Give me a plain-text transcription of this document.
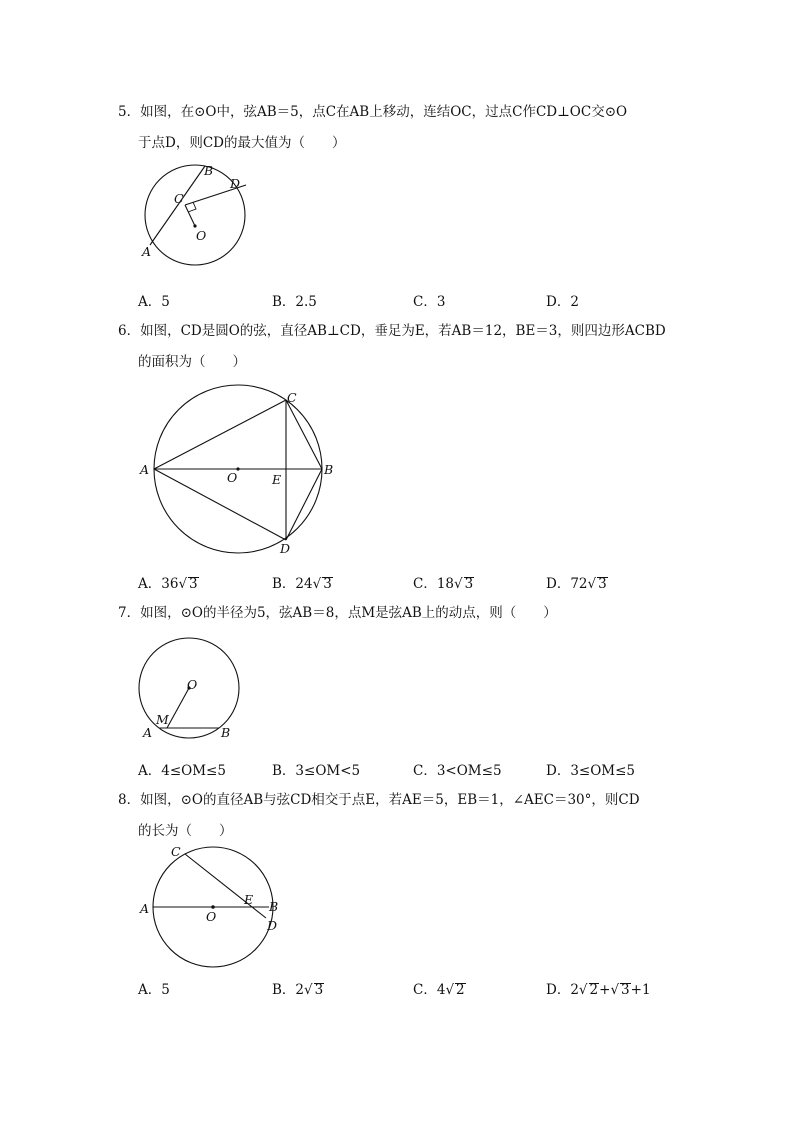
5．如图，在⊙O中，弦AB＝5，点C在AB上移动，连结OC，过点C作CD⊥OC交⊙O

于点D，则CD的最大值为（　　）

A
B
C
D
O
A．5	B．2.5	C．3	D．2

6．如图，CD是圆O的弦，直径AB⊥CD，垂足为E，若AB＝12，BE＝3，则四边形ACBD

的面积为（　　）

A	B
C
D
O	E
A．36√ 3	B．24√ 3	C．18√ 3	D．72√ 3

7．如图，⊙O的半径为5，弦AB＝8，点M是弦AB上的动点，则（　　）

O
M
A	B
A．4≤OM≤5	B．3≤OM<5	C．3<OM≤5	D．3≤OM≤5

8．如图，⊙O的直径AB与弦CD相交于点E，若AE＝5，EB＝1，∠AEC＝30°，则CD

的长为（　　）

A	B
C
D
O
E
A．5	B．2√ 3	C．4√ 2	D．2√ 2+√ 3+1
